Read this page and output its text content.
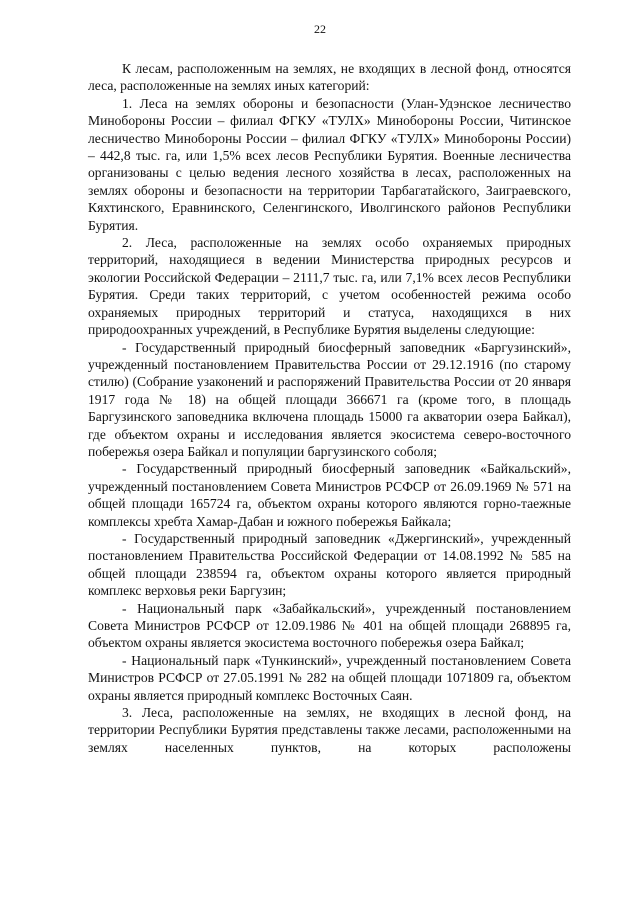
22

К лесам, расположенным на землях, не входящих в лесной фонд, относятся леса, расположенные на землях иных категорий:

1. Леса на землях обороны и безопасности (Улан-Удэнское лесничество Минобороны России – филиал ФГКУ «ТУЛХ» Минобороны России, Читинское лесничество Минобороны России – филиал ФГКУ «ТУЛХ» Минобороны России) – 442,8 тыс. га, или 1,5% всех лесов Республики Бурятия. Военные лесничества организованы с целью ведения лесного хозяйства в лесах, расположенных на землях обороны и безопасности на территории Тарбагатайского, Заиграевского, Кяхтинского, Еравнинского, Селенгинского, Иволгинского районов Республики Бурятия.

2. Леса, расположенные на землях особо охраняемых природных территорий, находящиеся в ведении Министерства природных ресурсов и экологии Российской Федерации – 2111,7 тыс. га, или 7,1% всех лесов Республики Бурятия. Среди таких территорий, с учетом особенностей режима особо охраняемых природных территорий и статуса, находящихся в них природоохранных учреждений, в Республике Бурятия выделены следующие:

- Государственный природный биосферный заповедник «Баргузинский», учрежденный постановлением Правительства России от 29.12.1916 (по старому стилю) (Собрание узаконений и распоряжений Правительства России от 20 января 1917 года № 18) на общей площади 366671 га (кроме того, в площадь Баргузинского заповедника включена площадь 15000 га акватории озера Байкал), где объектом охраны и исследования является экосистема северо-восточного побережья озера Байкал и популяции баргузинского соболя;

- Государственный природный биосферный заповедник «Байкальский», учрежденный постановлением Совета Министров РСФСР от 26.09.1969 № 571 на общей площади 165724 га, объектом охраны которого являются горно-таежные комплексы хребта Хамар-Дабан и южного побережья Байкала;

- Государственный природный заповедник «Джергинский», учрежденный постановлением Правительства Российской Федерации от 14.08.1992 № 585 на общей площади 238594 га, объектом охраны которого является природный комплекс верховья реки Баргузин;

- Национальный парк «Забайкальский», учрежденный постановлением Совета Министров РСФСР от 12.09.1986 № 401 на общей площади 268895 га, объектом охраны является экосистема восточного побережья озера Байкал;

- Национальный парк «Тункинский», учрежденный постановлением Совета Министров РСФСР от 27.05.1991 № 282 на общей площади 1071809 га, объектом охраны является природный комплекс Восточных Саян.

3. Леса, расположенные на землях, не входящих в лесной фонд, на территории Республики Бурятия представлены также лесами, расположенными на землях населенных пунктов, на которых расположены
